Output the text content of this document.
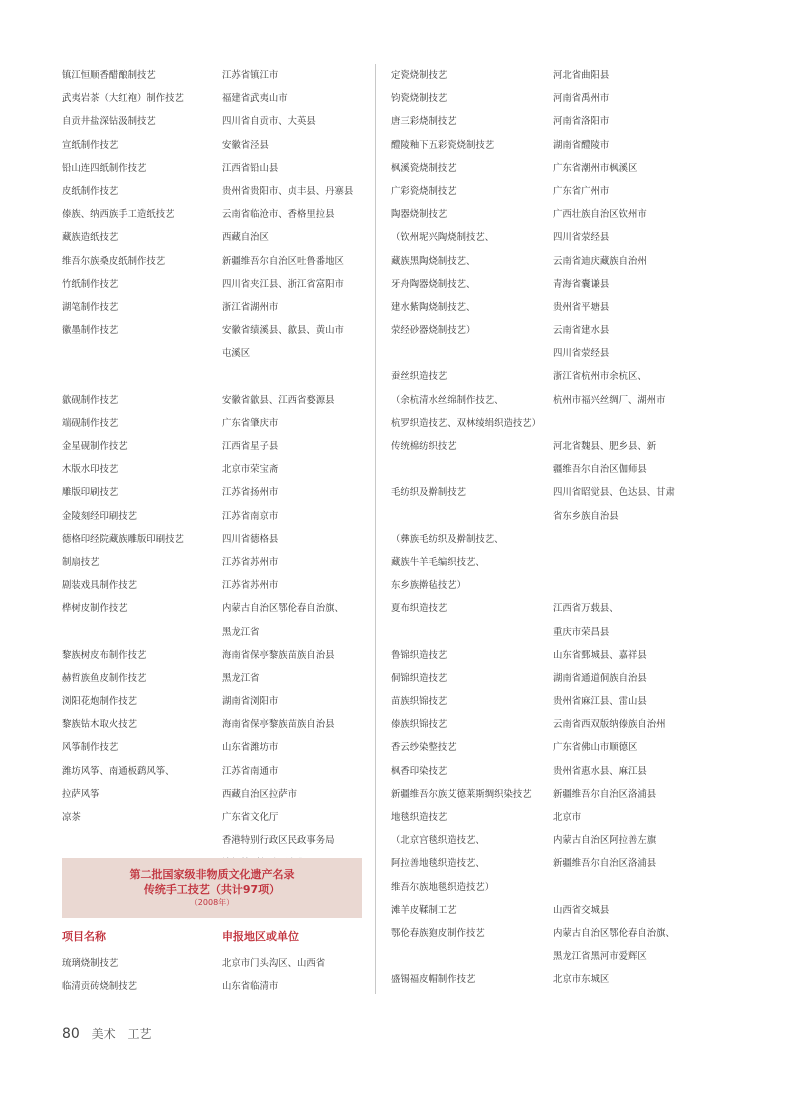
镇江恒顺香醋酿制技艺	江苏省镇江市
武夷岩茶（大红袍）制作技艺	福建省武夷山市
自贡井盐深钻汲制技艺	四川省自贡市、大英县
宣纸制作技艺	安徽省泾县
铅山连四纸制作技艺	江西省铅山县
皮纸制作技艺	贵州省贵阳市、贞丰县、丹寨县
傣族、纳西族手工造纸技艺	云南省临沧市、香格里拉县
藏族造纸技艺	西藏自治区
维吾尔族桑皮纸制作技艺	新疆维吾尔自治区吐鲁番地区
竹纸制作技艺	四川省夹江县、浙江省富阳市
湖笔制作技艺	浙江省湖州市
徽墨制作技艺	安徽省绩溪县、歙县、黄山市
屯溪区
歙砚制作技艺	安徽省歙县、江西省婺源县
端砚制作技艺	广东省肇庆市
金星砚制作技艺	江西省星子县
木版水印技艺	北京市荣宝斋
雕版印刷技艺	江苏省扬州市
金陵刻经印刷技艺	江苏省南京市
德格印经院藏族雕版印刷技艺	四川省德格县
制扇技艺	江苏省苏州市
剧装戏具制作技艺	江苏省苏州市
桦树皮制作技艺	内蒙古自治区鄂伦春自治旗、
黑龙江省
黎族树皮布制作技艺	海南省保亭黎族苗族自治县
赫哲族鱼皮制作技艺	黑龙江省
浏阳花炮制作技艺	湖南省浏阳市
黎族钻木取火技艺	海南省保亭黎族苗族自治县
风筝制作技艺	山东省潍坊市
潍坊风筝、南通板鹞风筝、	江苏省南通市
拉萨风筝	西藏自治区拉萨市
凉茶	广东省文化厅
香港特别行政区民政事务局
定瓷烧制技艺	河北省曲阳县
钧瓷烧制技艺	河南省禹州市
唐三彩烧制技艺	河南省洛阳市
醴陵釉下五彩瓷烧制技艺	湖南省醴陵市
枫溪瓷烧制技艺	广东省潮州市枫溪区
广彩瓷烧制技艺	广东省广州市
陶器烧制技艺	广西壮族自治区钦州市
（钦州坭兴陶烧制技艺、	四川省荥经县
藏族黑陶烧制技艺、	云南省迪庆藏族自治州
牙舟陶器烧制技艺、	青海省囊谦县
建水紫陶烧制技艺、	贵州省平塘县
荥经砂器烧制技艺）	云南省建水县
四川省荥经县
蚕丝织造技艺	浙江省杭州市余杭区、
（余杭清水丝绵制作技艺、	杭州市福兴丝绸厂、湖州市
杭罗织造技艺、双林绫绢织造技艺）
传统棉纺织技艺	河北省魏县、肥乡县、新
疆维吾尔自治区伽师县
毛纺织及擀制技艺	四川省昭觉县、色达县、甘肃
省东乡族自治县
（彝族毛纺织及擀制技艺、
藏族牛羊毛编织技艺、
东乡族擀毡技艺）
夏布织造技艺	江西省万载县、
重庆市荣昌县
鲁锦织造技艺	山东省鄄城县、嘉祥县
侗锦织造技艺	湖南省通道侗族自治县
苗族织锦技艺	贵州省麻江县、雷山县
傣族织锦技艺	云南省西双版纳傣族自治州
香云纱染整技艺	广东省佛山市顺德区
枫香印染技艺	贵州省惠水县、麻江县
新疆维吾尔族艾德莱斯绸织染技艺	新疆维吾尔自治区洛浦县
地毯织造技艺	北京市
（北京宫毯织造技艺、	内蒙古自治区阿拉善左旗
阿拉善地毯织造技艺、	新疆维吾尔自治区洛浦县
维吾尔族地毯织造技艺）
滩羊皮鞣制工艺	山西省交城县
鄂伦春族狍皮制作技艺	内蒙古自治区鄂伦春自治旗、
黑龙江省黑河市爱辉区
盛锡福皮帽制作技艺	北京市东城区
第二批国家级非物质文化遗产名录
传统手工技艺（共计97项）
（2008年）
项目名称	申报地区或单位
琉璃烧制技艺	北京市门头沟区、山西省
临清贡砖烧制技艺	山东省临清市
80 美术 工艺
